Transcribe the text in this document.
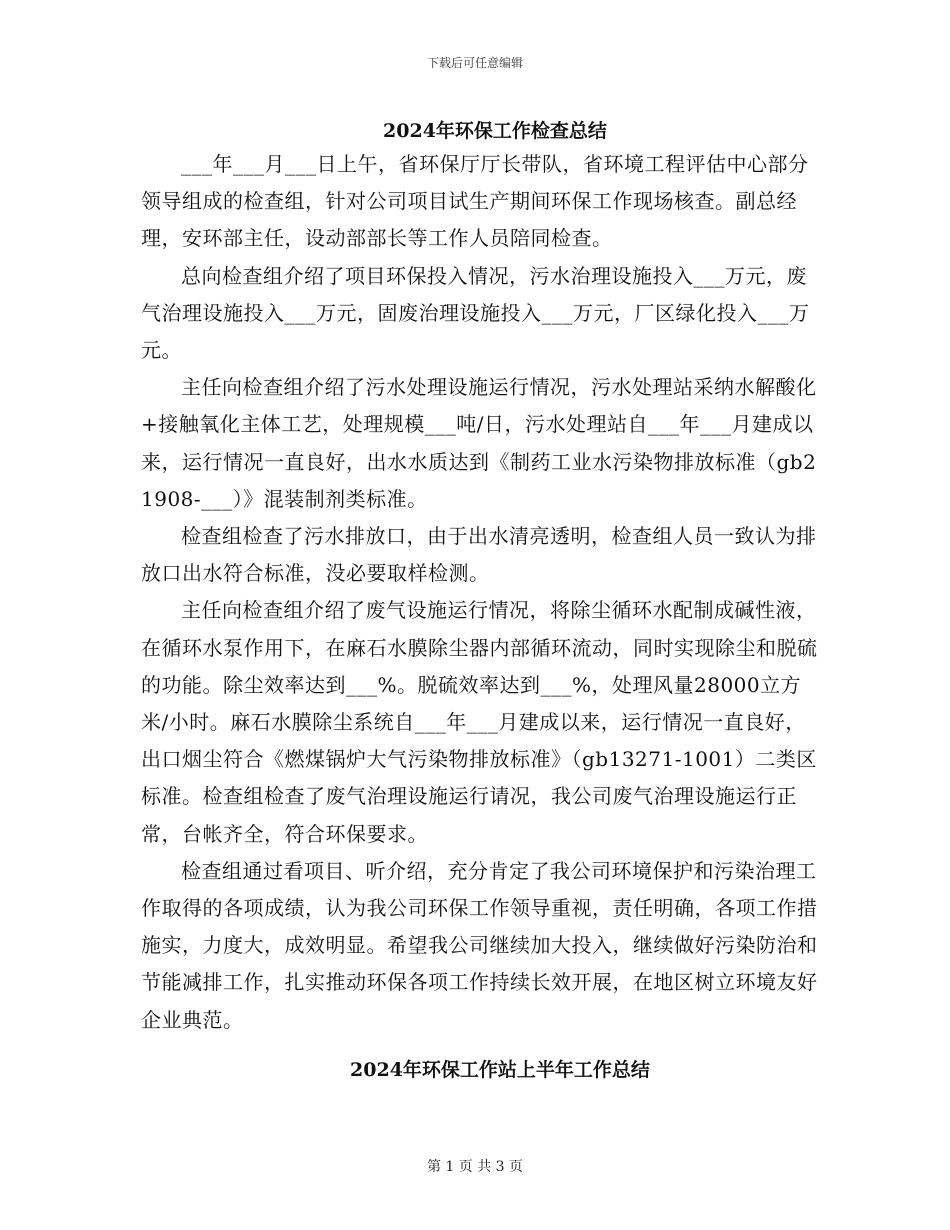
下载后可任意编辑
2024年环保工作检查总结

___年___月___日上午，省环保厅厅长带队，省环境工程评估中心部分领导组成的检查组，针对公司项目试生产期间环保工作现场核查。副总经理，安环部主任，设动部部长等工作人员陪同检查。

总向检查组介绍了项目环保投入情况，污水治理设施投入___万元，废气治理设施投入___万元，固废治理设施投入___万元，厂区绿化投入___万元。

主任向检查组介绍了污水处理设施运行情况，污水处理站采纳水解酸化+接触氧化主体工艺，处理规模___吨/日，污水处理站自___年___月建成以来，运行情况一直良好，出水水质达到《制药工业水污染物排放标准（gb21908-___）》混装制剂类标准。

检查组检查了污水排放口，由于出水清亮透明，检查组人员一致认为排放口出水符合标准，没必要取样检测。

主任向检查组介绍了废气设施运行情况，将除尘循环水配制成碱性液，在循环水泵作用下，在麻石水膜除尘器内部循环流动，同时实现除尘和脱硫的功能。除尘效率达到___%。脱硫效率达到___%，处理风量28000立方米/小时。麻石水膜除尘系统自___年___月建成以来，运行情况一直良好，出口烟尘符合《燃煤锅炉大气污染物排放标准》（gb13271-1001）二类区标准。检查组检查了废气治理设施运行请况，我公司废气治理设施运行正常，台帐齐全，符合环保要求。

检查组通过看项目、听介绍，充分肯定了我公司环境保护和污染治理工作取得的各项成绩，认为我公司环保工作领导重视，责任明确，各项工作措施实，力度大，成效明显。希望我公司继续加大投入，继续做好污染防治和节能减排工作，扎实推动环保各项工作持续长效开展，在地区树立环境友好企业典范。

2024年环保工作站上半年工作总结
第 1 页 共 3 页
